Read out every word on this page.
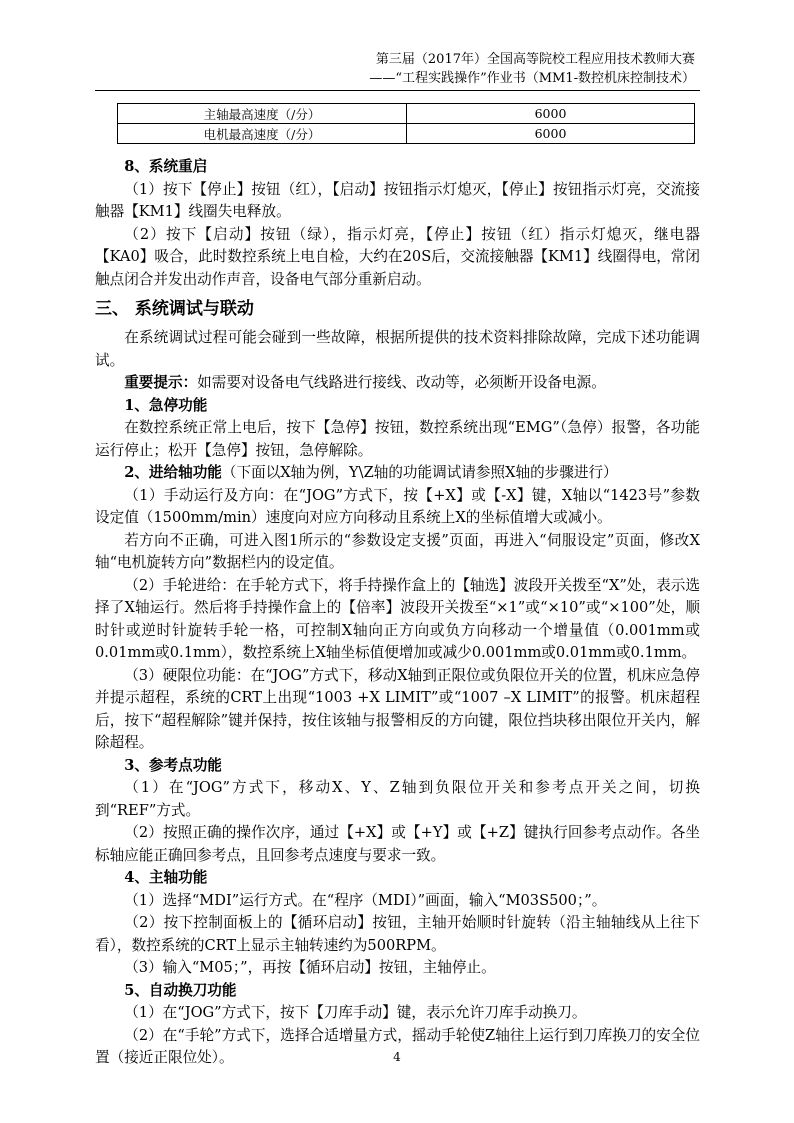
第三届（2017年）全国高等院校工程应用技术教师大赛
——“工程实践操作”作业书（MM1-数控机床控制技术）
主轴最高速度（/分）	6000
电机最高速度（/分）	6000

8、系统重启

（1）按下【停止】按钮（红），【启动】按钮指示灯熄灭，【停止】按钮指示灯亮，交流接触器【KM1】线圈失电释放。

（2）按下【启动】按钮（绿），指示灯亮，【停止】按钮（红）指示灯熄灭，继电器【KA0】吸合，此时数控系统上电自检，大约在20S后，交流接触器【KM1】线圈得电，常闭触点闭合并发出动作声音，设备电气部分重新启动。

三、 系统调试与联动

在系统调试过程可能会碰到一些故障，根据所提供的技术资料排除故障，完成下述功能调试。

重要提示：如需要对设备电气线路进行接线、改动等，必须断开设备电源。

1、急停功能

在数控系统正常上电后，按下【急停】按钮，数控系统出现“EMG”（急停）报警，各功能运行停止；松开【急停】按钮，急停解除。

2、进给轴功能（下面以X轴为例，Y\Z轴的功能调试请参照X轴的步骤进行）

（1）手动运行及方向：在“JOG”方式下，按【+X】或【-X】键，X轴以“1423号”参数设定值（1500mm/min）速度向对应方向移动且系统上X的坐标值增大或减小。

若方向不正确，可进入图1所示的“参数设定支援”页面，再进入“伺服设定”页面，修改X轴“电机旋转方向”数据栏内的设定值。

（2）手轮进给：在手轮方式下，将手持操作盒上的【轴选】波段开关拨至“X”处，表示选择了X轴运行。然后将手持操作盒上的【倍率】波段开关拨至“×1”或“×10”或“×100”处，顺时针或逆时针旋转手轮一格，可控制X轴向正方向或负方向移动一个增量值（0.001mm或0.01mm或0.1mm），数控系统上X轴坐标值便增加或减少0.001mm或0.01mm或0.1mm。

（3）硬限位功能：在“JOG”方式下，移动X轴到正限位或负限位开关的位置，机床应急停并提示超程，系统的CRT上出现“1003 +X LIMIT”或“1007 –X LIMIT”的报警。机床超程后，按下“超程解除”键并保持，按住该轴与报警相反的方向键，限位挡块移出限位开关内，解除超程。

3、参考点功能

（1）在“JOG”方式下，移动X、Y、Z轴到负限位开关和参考点开关之间，切换到“REF”方式。

（2）按照正确的操作次序，通过【+X】或【+Y】或【+Z】键执行回参考点动作。各坐标轴应能正确回参考点，且回参考点速度与要求一致。

4、主轴功能

（1）选择“MDI”运行方式。在“程序（MDI）”画面，输入“M03S500；”。

（2）按下控制面板上的【循环启动】按钮，主轴开始顺时针旋转（沿主轴轴线从上往下看），数控系统的CRT上显示主轴转速约为500RPM。

（3）输入“M05；”，再按【循环启动】按钮，主轴停止。

5、自动换刀功能

（1）在“JOG”方式下，按下【刀库手动】键，表示允许刀库手动换刀。

（2）在“手轮”方式下，选择合适增量方式，摇动手轮使Z轴往上运行到刀库换刀的安全位置（接近正限位处）。	4
